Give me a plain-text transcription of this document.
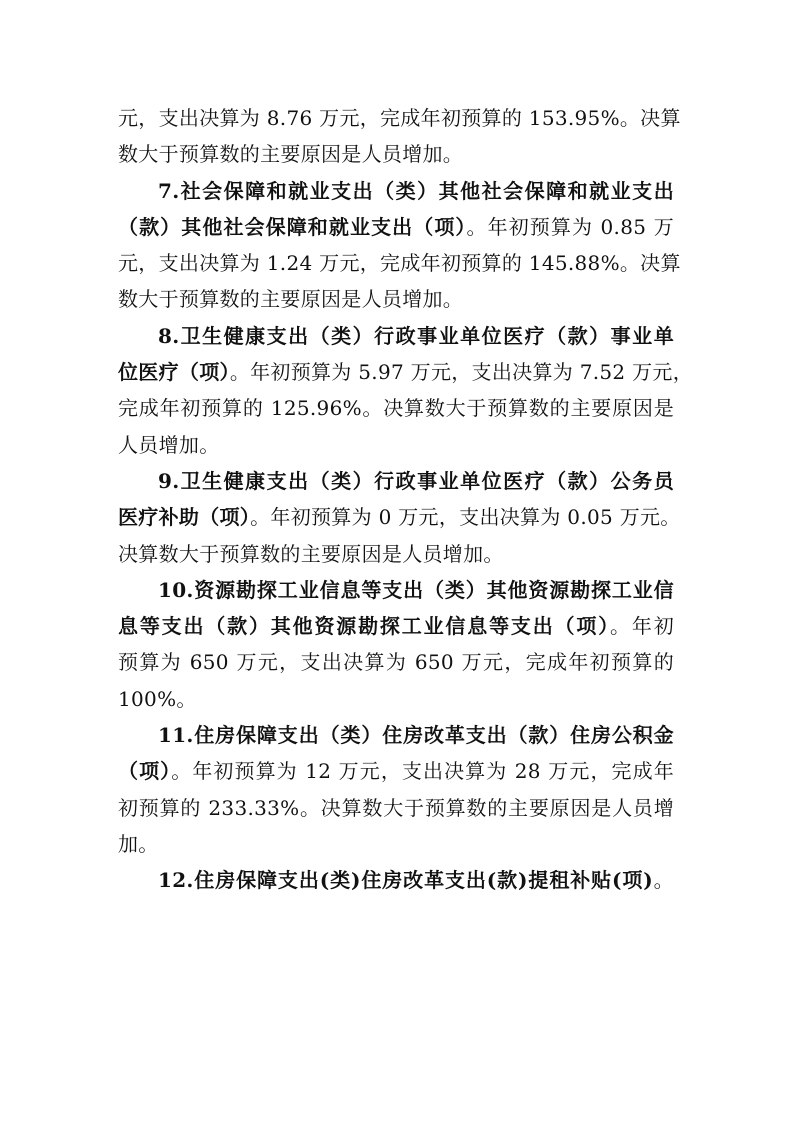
元，支出决算为 8.76 万元，完成年初预算的 153.95%。决算
数大于预算数的主要原因是人员增加。
7.社会保障和就业支出（类）其他社会保障和就业支出
（款）其他社会保障和就业支出（项）。年初预算为 0.85 万
元，支出决算为 1.24 万元，完成年初预算的 145.88%。决算
数大于预算数的主要原因是人员增加。
8.卫生健康支出（类）行政事业单位医疗（款）事业单
位医疗（项）。年初预算为 5.97 万元，支出决算为 7.52 万元，
完成年初预算的 125.96%。决算数大于预算数的主要原因是
人员增加。
9.卫生健康支出（类）行政事业单位医疗（款）公务员
医疗补助（项）。年初预算为 0 万元，支出决算为 0.05 万元。
决算数大于预算数的主要原因是人员增加。
10.资源勘探工业信息等支出（类）其他资源勘探工业信
息等支出（款）其他资源勘探工业信息等支出（项）。年初
预算为 650 万元，支出决算为 650 万元，完成年初预算的
100%。
11.住房保障支出（类）住房改革支出（款）住房公积金
（项）。年初预算为 12 万元，支出决算为 28 万元，完成年
初预算的 233.33%。决算数大于预算数的主要原因是人员增
加。
12.住房保障支出(类)住房改革支出(款)提租补贴(项)。
